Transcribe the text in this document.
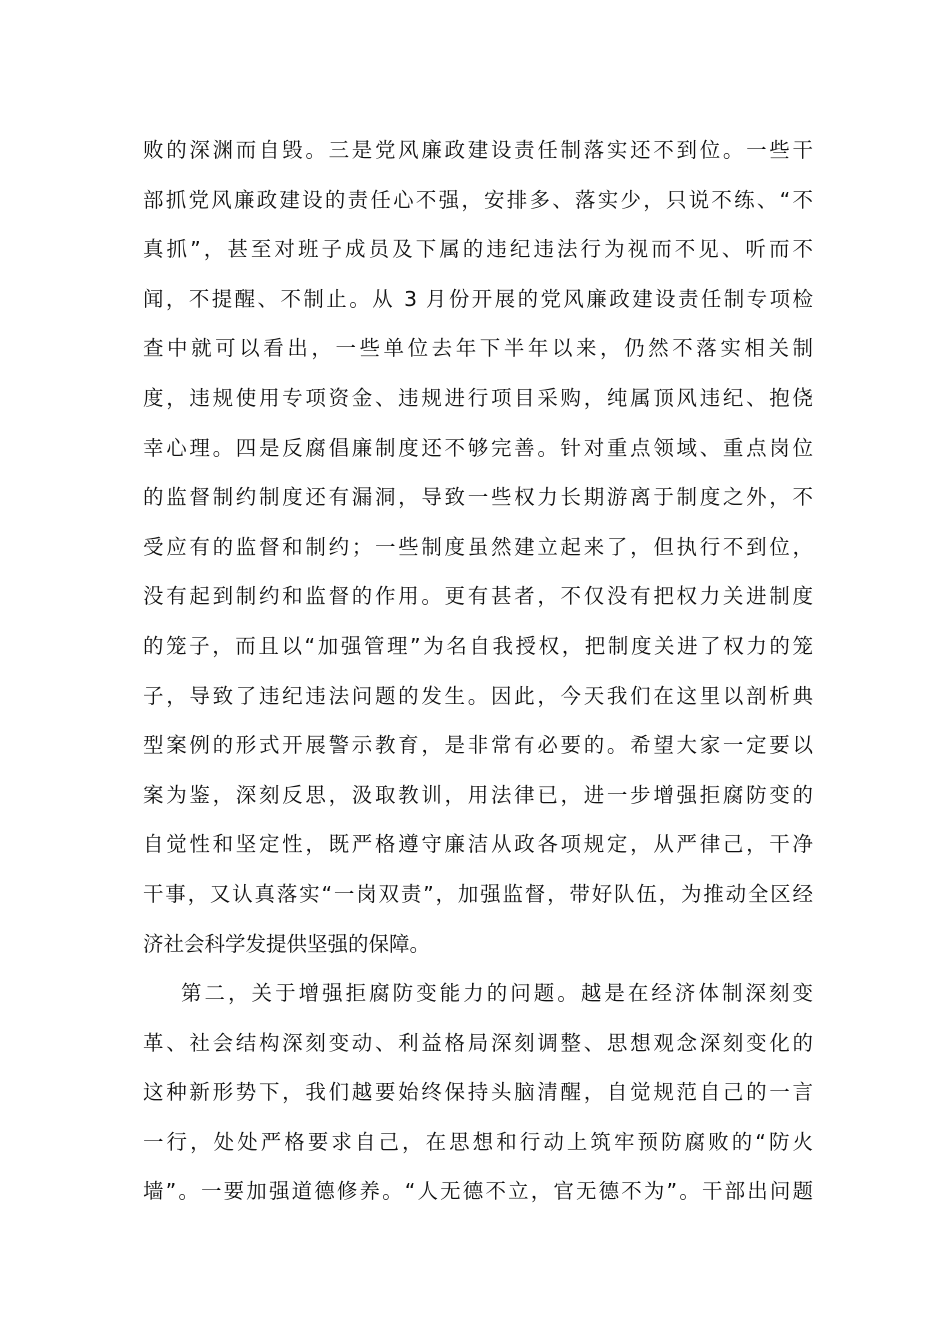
败的深渊而自毁。三是党风廉政建设责任制落实还不到位。一些干
部抓党风廉政建设的责任心不强，安排多、落实少，只说不练、“不
真抓”，甚至对班子成员及下属的违纪违法行为视而不见、听而不
闻，不提醒、不制止。从 3 月份开展的党风廉政建设责任制专项检
查中就可以看出，一些单位去年下半年以来，仍然不落实相关制
度，违规使用专项资金、违规进行项目采购，纯属顶风违纪、抱侥
幸心理。四是反腐倡廉制度还不够完善。针对重点领域、重点岗位
的监督制约制度还有漏洞，导致一些权力长期游离于制度之外，不
受应有的监督和制约；一些制度虽然建立起来了，但执行不到位，
没有起到制约和监督的作用。更有甚者，不仅没有把权力关进制度
的笼子，而且以“加强管理”为名自我授权，把制度关进了权力的笼
子，导致了违纪违法问题的发生。因此，今天我们在这里以剖析典
型案例的形式开展警示教育，是非常有必要的。希望大家一定要以
案为鉴，深刻反思，汲取教训，用法律已，进一步增强拒腐防变的
自觉性和坚定性，既严格遵守廉洁从政各项规定，从严律己，干净
干事，又认真落实“一岗双责”，加强监督，带好队伍，为推动全区经
济社会科学发提供坚强的保障。
第二，关于增强拒腐防变能力的问题。越是在经济体制深刻变
革、社会结构深刻变动、利益格局深刻调整、思想观念深刻变化的
这种新形势下，我们越要始终保持头脑清醒，自觉规范自己的一言
一行，处处严格要求自己，在思想和行动上筑牢预防腐败的“防火
墙”。一要加强道德修养。“人无德不立，官无德不为”。干部出问题
